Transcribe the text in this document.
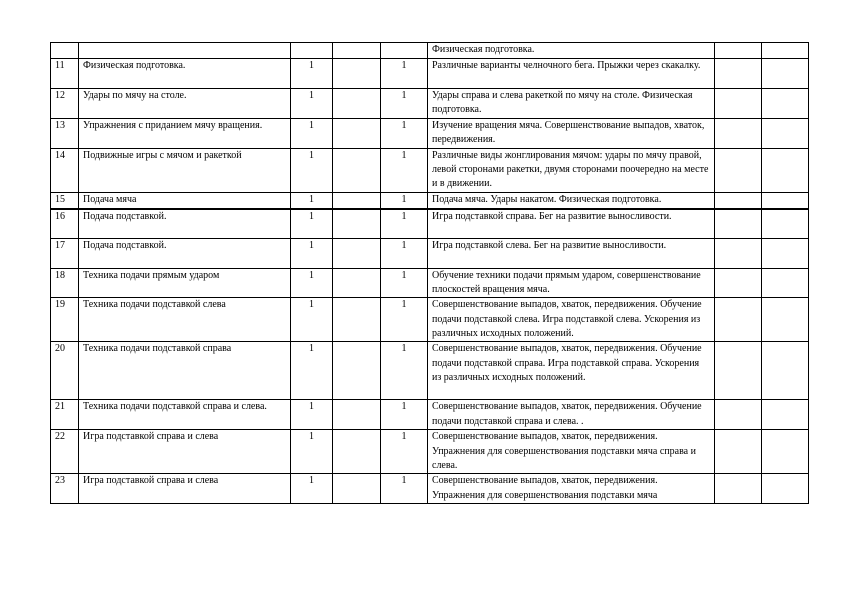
					Физическая подготовка.		
11	Физическая подготовка.	1		1	Различные варианты челночного бега. Прыжки через скакалку.		
12	Удары по мячу на столе.	1		1	Удары справа и слева ракеткой по мячу на столе. Физическая подготовка.		
13	Упражнения с приданием мячу вращения.	1		1	Изучение вращения мяча. Совершенствование выпадов, хваток, передвижения.		
14	Подвижные игры с мячом и ракеткой	1		1	Различные виды жонглирования мячом: удары по мячу правой, левой сторонами ракетки, двумя сторонами поочередно на месте и в движении.		
15	Подача мяча	1		1	Подача мяча. Удары накатом. Физическая подготовка.		
16	Подача подставкой.	1		1	Игра подставкой справа. Бег на развитие выносливости.		
17	Подача подставкой.	1		1	Игра подставкой слева. Бег на развитие выносливости.		
18	Техника подачи прямым ударом	1		1	Обучение техники подачи прямым ударом, совершенствование плоскостей вращения мяча.		
19	Техника подачи подставкой слева	1		1	Совершенствование выпадов, хваток, передвижения. Обучение подачи подставкой слева. Игра подставкой слева. Ускорения из различных исходных положений.		
20	Техника подачи подставкой справа	1		1	Совершенствование выпадов, хваток, передвижения. Обучение подачи подставкой справа. Игра подставкой справа. Ускорения из различных исходных положений.		
21	Техника подачи подставкой справа и слева.	1		1	Совершенствование выпадов, хваток, передвижения. Обучение подачи подставкой справа и слева. .		
22	Игра подставкой справа и слева	1		1	Совершенствование выпадов, хваток, передвижения. Упражнения для совершенствования подставки мяча справа и слева.		
23	Игра подставкой справа и слева	1		1	Совершенствование выпадов, хваток, передвижения. Упражнения для совершенствования подставки мяча		
